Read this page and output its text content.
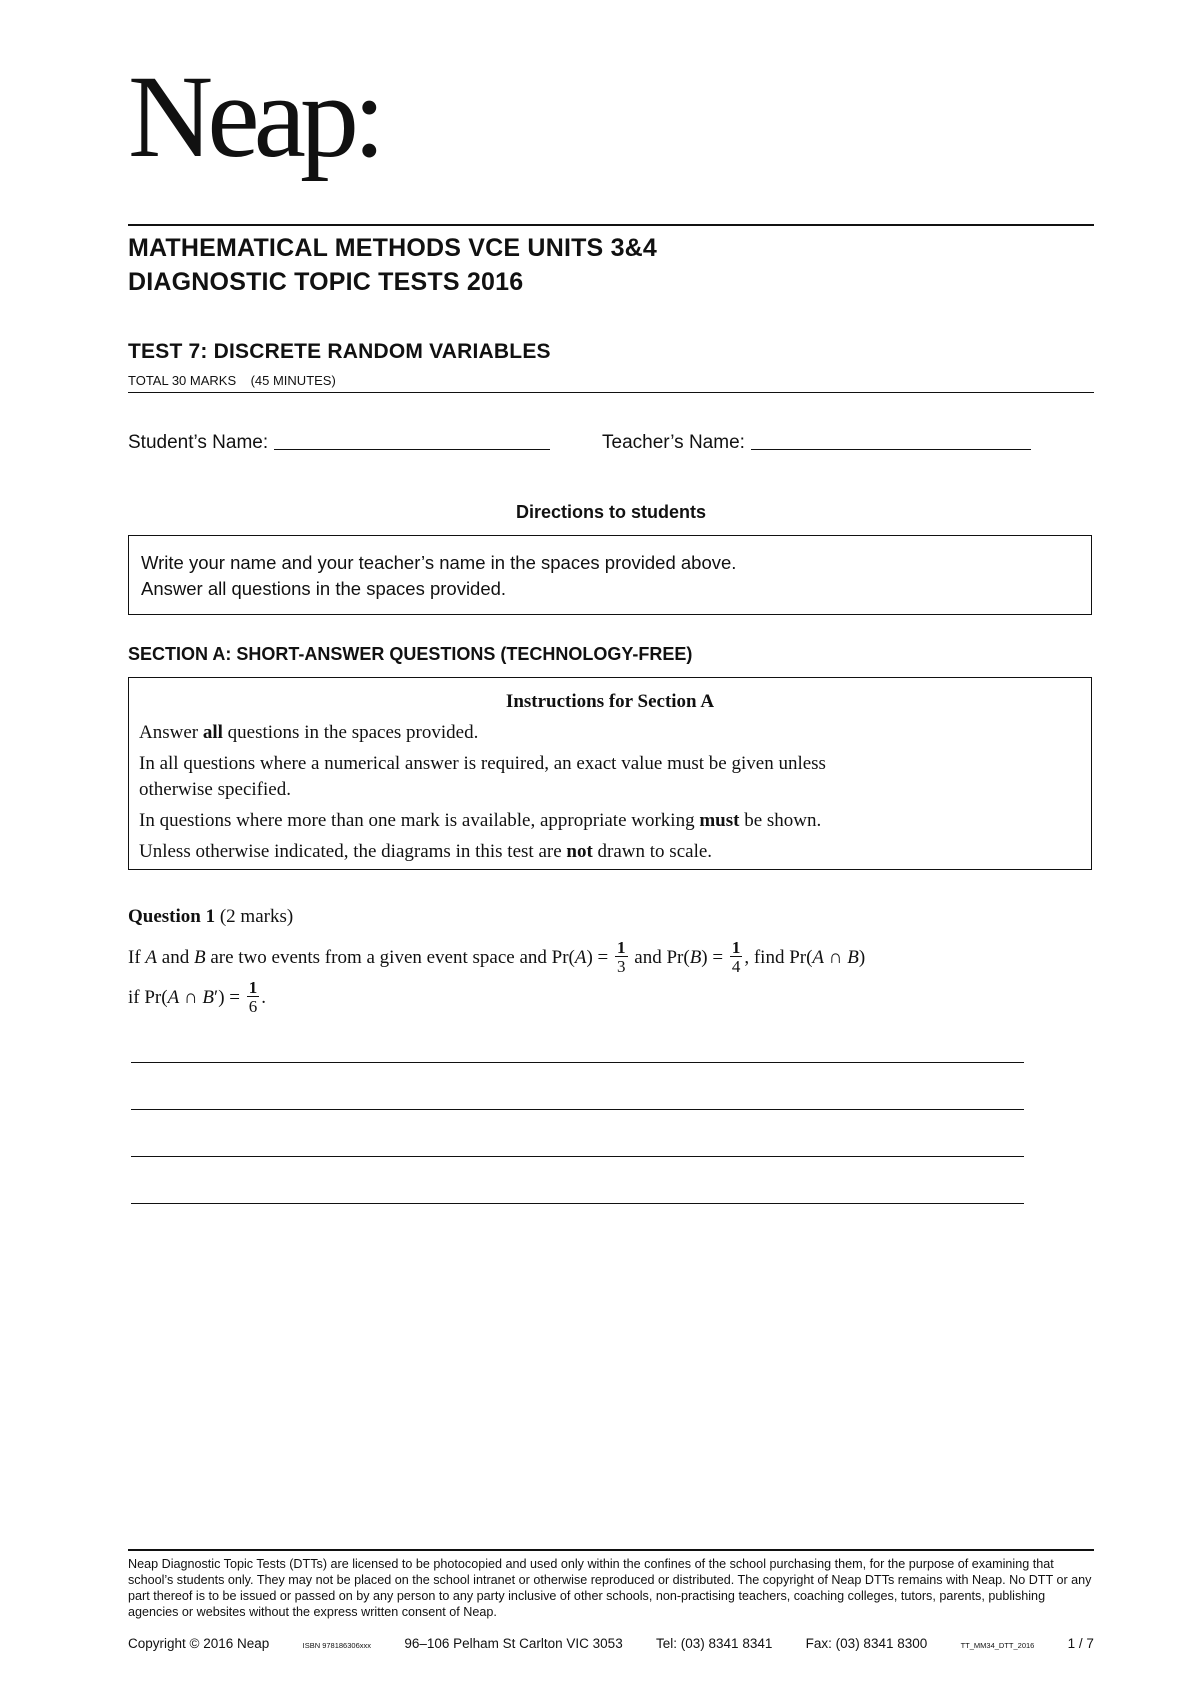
Neap:
MATHEMATICAL METHODS VCE UNITS 3&4
DIAGNOSTIC TOPIC TESTS 2016
TEST 7: DISCRETE RANDOM VARIABLES
TOTAL 30 MARKS    (45 MINUTES)
Student’s Name:	Teacher’s Name:
Directions to students
Write your name and your teacher’s name in the spaces provided above.
Answer all questions in the spaces provided.
SECTION A: SHORT-ANSWER QUESTIONS (TECHNOLOGY-FREE)
Instructions for Section A
Answer all questions in the spaces provided.
In all questions where a numerical answer is required, an exact value must be given unless otherwise specified.
In questions where more than one mark is available, appropriate working must be shown.
Unless otherwise indicated, the diagrams in this test are not drawn to scale.
Question 1 (2 marks)
If A and B are two events from a given event space and $Pr(A) = \frac{1}{3}$ and $Pr(B) = \frac{1}{4}$ , find Pr(A ∩ B)
if Pr(A ∩ $B') = \frac{1}{6}$ .
Neap Diagnostic Topic Tests (DTTs) are licensed to be photocopied and used only within the confines of the school purchasing them, for the purpose of examining that school’s students only. They may not be placed on the school intranet or otherwise reproduced or distributed. The copyright of Neap DTTs remains with Neap. No DTT or any part thereof is to be issued or passed on by any person to any party inclusive of other schools, non-practising teachers, coaching colleges, tutors, parents, publishing agencies or websites without the express written consent of Neap.
Copyright © 2016 Neap	ISBN 978186306xxx 96–106 Pelham St Carlton VIC 3053 Tel: (03) 8341 8341 Fax: (03) 8341 8300	TT_MM34_DTT_2016 1 / 7
